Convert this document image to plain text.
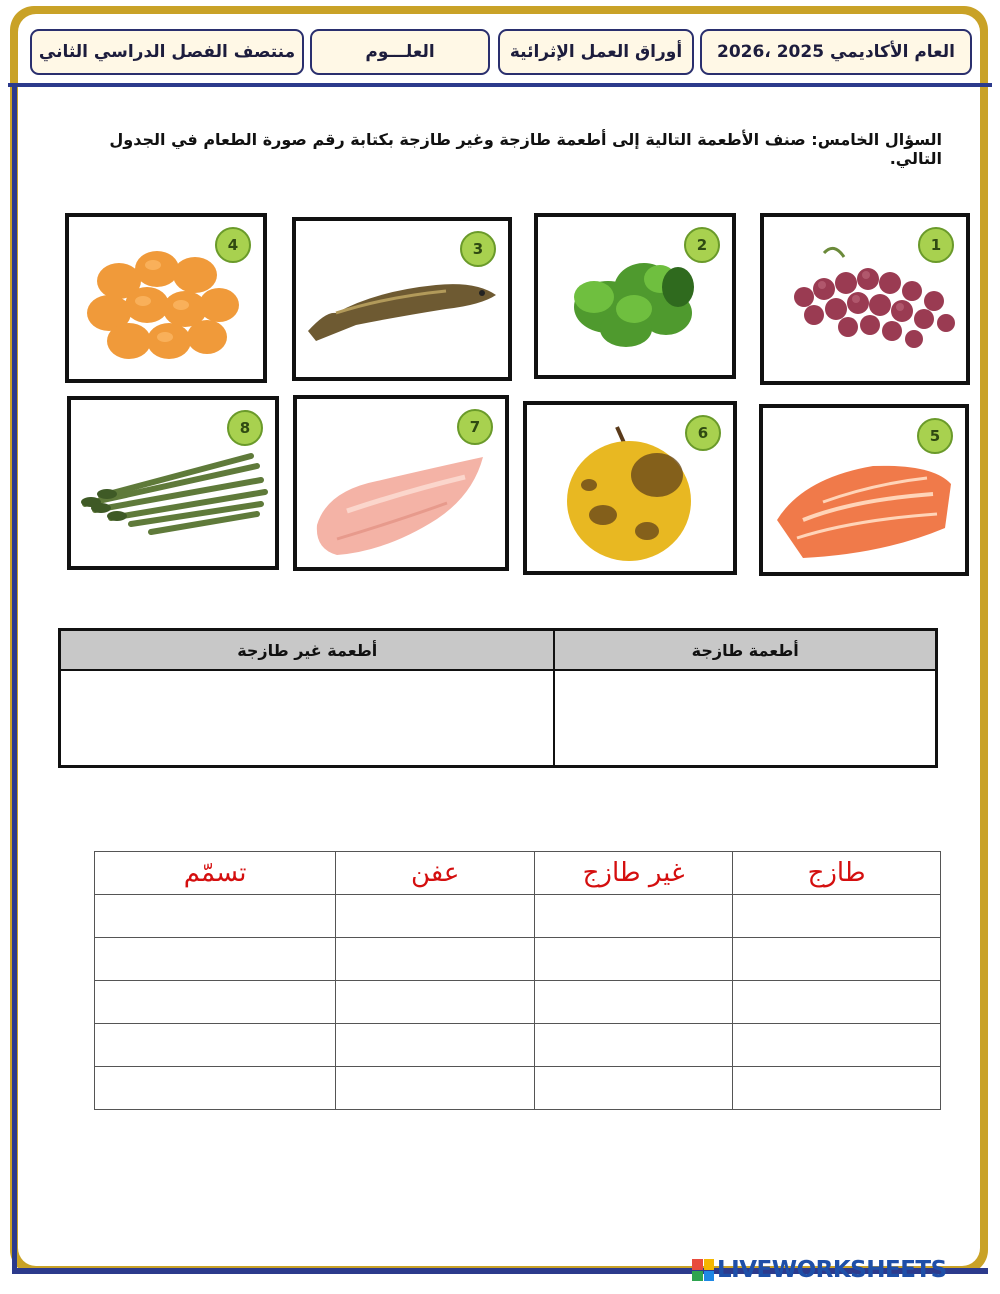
العام الأكاديمي 2025 ،2026
أوراق العمل الإثرائية
العلـــوم
منتصف الفصل الدراسي الثاني
السؤال الخامس: صنف الأطعمة التالية إلى أطعمة طازجة وغير طازجة بكتابة رقم صورة الطعام في الجدول التالي.
1
2
3
4
5
6
7
8
أطعمة طازجة	أطعمة غير طازجة

طازج	غير طازج	عفن	تسمّم

LIVEWORKSHEETS
